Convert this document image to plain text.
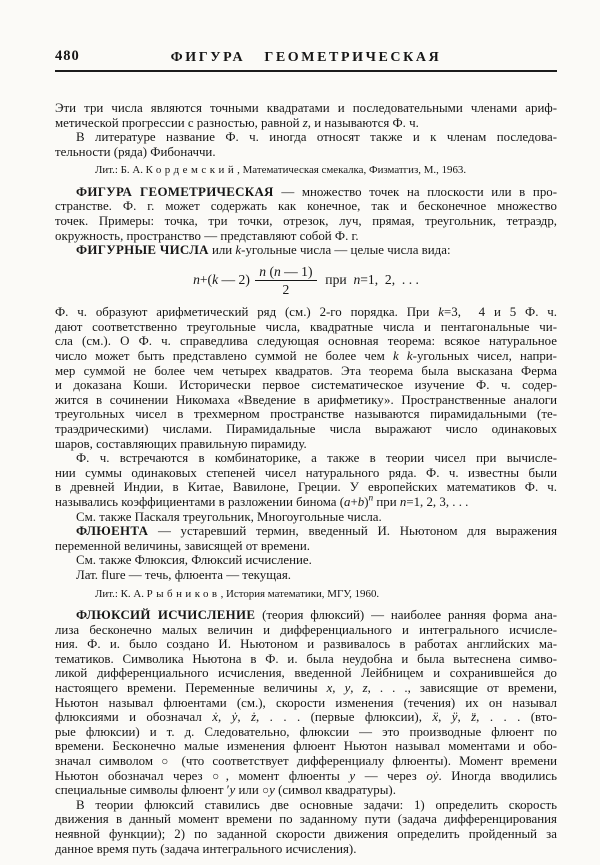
480	ФИГУРА ГЕОМЕТРИЧЕСКАЯ
Эти три числа являются точными квадратами и последовательными членами ариф-
метической прогрессии с разностью, равной z, и называются Ф. ч.
В литературе название Ф. ч. иногда относят также и к членам последова-
тельности (ряда) Фибоначчи.
Лит.: Б. А. Кордемский, Математическая смекалка, Физматгиз, М., 1963.
ФИГУРА ГЕОМЕТРИЧЕСКАЯ — множество точек на плоскости или в про-
странстве. Ф. г. может содержать как конечное, так и бесконечное множество
точек. Примеры: точка, три точки, отрезок, луч, прямая, треугольник, тетраэдр,
окружность, пространство — представляют собой Ф. г.
ФИГУРНЫЕ ЧИСЛА или k-угольные числа — целые числа вида:
n+(k — $2) \frac{n (n — 1)}{2}$ при  n=1,  2,  . . .
Ф. ч. образуют арифметический ряд (см.) 2-го порядка. При k=3,  4 и 5 Ф. ч.
дают соответственно треугольные числа, квадратные числа и пентагональные чи-
сла (см.). О Ф. ч. справедлива следующая основная теорема: всякое натуральное
число может быть представлено суммой не более чем k k-угольных чисел, напри-
мер суммой не более чем четырех квадратов. Эта теорема была высказана Ферма
и доказана Коши. Исторически первое систематическое изучение Ф. ч. содер-
жится в сочинении Никомаха «Введение в арифметику». Пространственные аналоги
треугольных чисел в трехмерном пространстве называются пирамидальными (те-
траэдрическими) числами. Пирамидальные числа выражают число одинаковых
шаров, составляющих правильную пирамиду.
Ф. ч. встречаются в комбинаторике, а также в теории чисел при вычисле-
нии суммы одинаковых степеней чисел натурального ряда. Ф. ч. известны были
в древней Индии, в Китае, Вавилоне, Греции. У европейских математиков Ф. ч.
назывались коэффициентами в разложении бинома $(a+b)^n$ при n=1, 2, 3, . . .
См. также Паскаля треугольник, Многоугольные числа.
ФЛЮЕНТА — устаревший термин, введенный И. Ньютоном для выражения
переменной величины, зависящей от времени.
См. также Флюксия, Флюксий исчисление.
Лат. flure — течь, флюента — текущая.
Лит.: К. А. Рыбников, История математики, МГУ, 1960.
ФЛЮКСИЙ ИСЧИСЛЕНИЕ (теория флюксий) — наиболее ранняя форма ана-
лиза бесконечно малых величин и дифференциального и интегрального исчисле-
ния. Ф. и. было создано И. Ньютоном и развивалось в работах английских ма-
тематиков. Символика Ньютона в Ф. и. была неудобна и была вытеснена симво-
ликой дифференциального исчисления, введенной Лейбницем и сохранившейся до
настоящего времени. Переменные величины x, y, z, . . ., зависящие от времени,
Ньютон называл флюентами (см.), скорости изменения (течения) их он называл
флюксиями и обозначал ẋ, ẏ, ż, . . . (первые флюксии), ẍ, ÿ, z̈, . . . (вто-
рые флюксии) и т. д. Следовательно, флюксии — это производные флюент по
времени. Бесконечно малые изменения флюент Ньютон называл моментами и обо-
значал символом ○ (что соответствует дифференциалу флюенты). Момент времени
Ньютон обозначал через ○, момент флюенты y — через оẏ. Иногда вводились
специальные символы флюент ′y или ○y (символ квадратуры).
В теории флюксий ставились две основные задачи: 1) определить скорость
движения в данный момент времени по заданному пути (задача дифференцирования
неявной функции); 2) по заданной скорости движения определить пройденный за
данное время путь (задача интегрального исчисления).
